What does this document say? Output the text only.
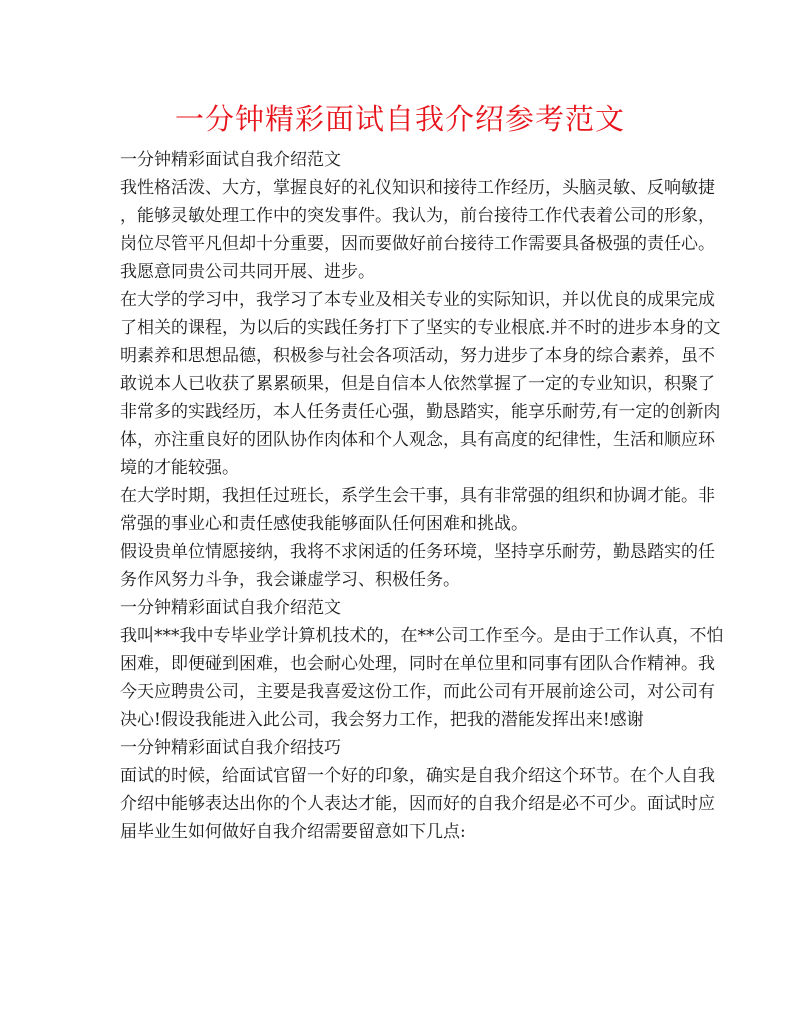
一分钟精彩面试自我介绍参考范文
一分钟精彩面试自我介绍范文
我性格活泼、大方，掌握良好的礼仪知识和接待工作经历，头脑灵敏、反响敏捷
，能够灵敏处理工作中的突发事件。我认为，前台接待工作代表着公司的形象，
岗位尽管平凡但却十分重要，因而要做好前台接待工作需要具备极强的责任心。
我愿意同贵公司共同开展、进步。
在大学的学习中，我学习了本专业及相关专业的实际知识，并以优良的成果完成
了相关的课程，为以后的实践任务打下了坚实的专业根底.并不时的进步本身的文
明素养和思想品德，积极参与社会各项活动，努力进步了本身的综合素养，虽不
敢说本人已收获了累累硕果，但是自信本人依然掌握了一定的专业知识，积聚了
非常多的实践经历，本人任务责任心强，勤恳踏实，能享乐耐劳,有一定的创新肉
体，亦注重良好的团队协作肉体和个人观念，具有高度的纪律性，生活和顺应环
境的才能较强。
在大学时期，我担任过班长，系学生会干事，具有非常强的组织和协调才能。非
常强的事业心和责任感使我能够面队任何困难和挑战。
假设贵单位情愿接纳，我将不求闲适的任务环境，坚持享乐耐劳，勤恳踏实的任
务作风努力斗争，我会谦虚学习、积极任务。
一分钟精彩面试自我介绍范文
我叫***我中专毕业学计算机技术的，在**公司工作至今。是由于工作认真，不怕
困难，即便碰到困难，也会耐心处理，同时在单位里和同事有团队合作精神。我
今天应聘贵公司，主要是我喜爱这份工作，而此公司有开展前途公司，对公司有
决心!假设我能进入此公司，我会努力工作，把我的潜能发挥出来!感谢
一分钟精彩面试自我介绍技巧
面试的时候，给面试官留一个好的印象，确实是自我介绍这个环节。在个人自我
介绍中能够表达出你的个人表达才能，因而好的自我介绍是必不可少。面试时应
届毕业生如何做好自我介绍需要留意如下几点:
